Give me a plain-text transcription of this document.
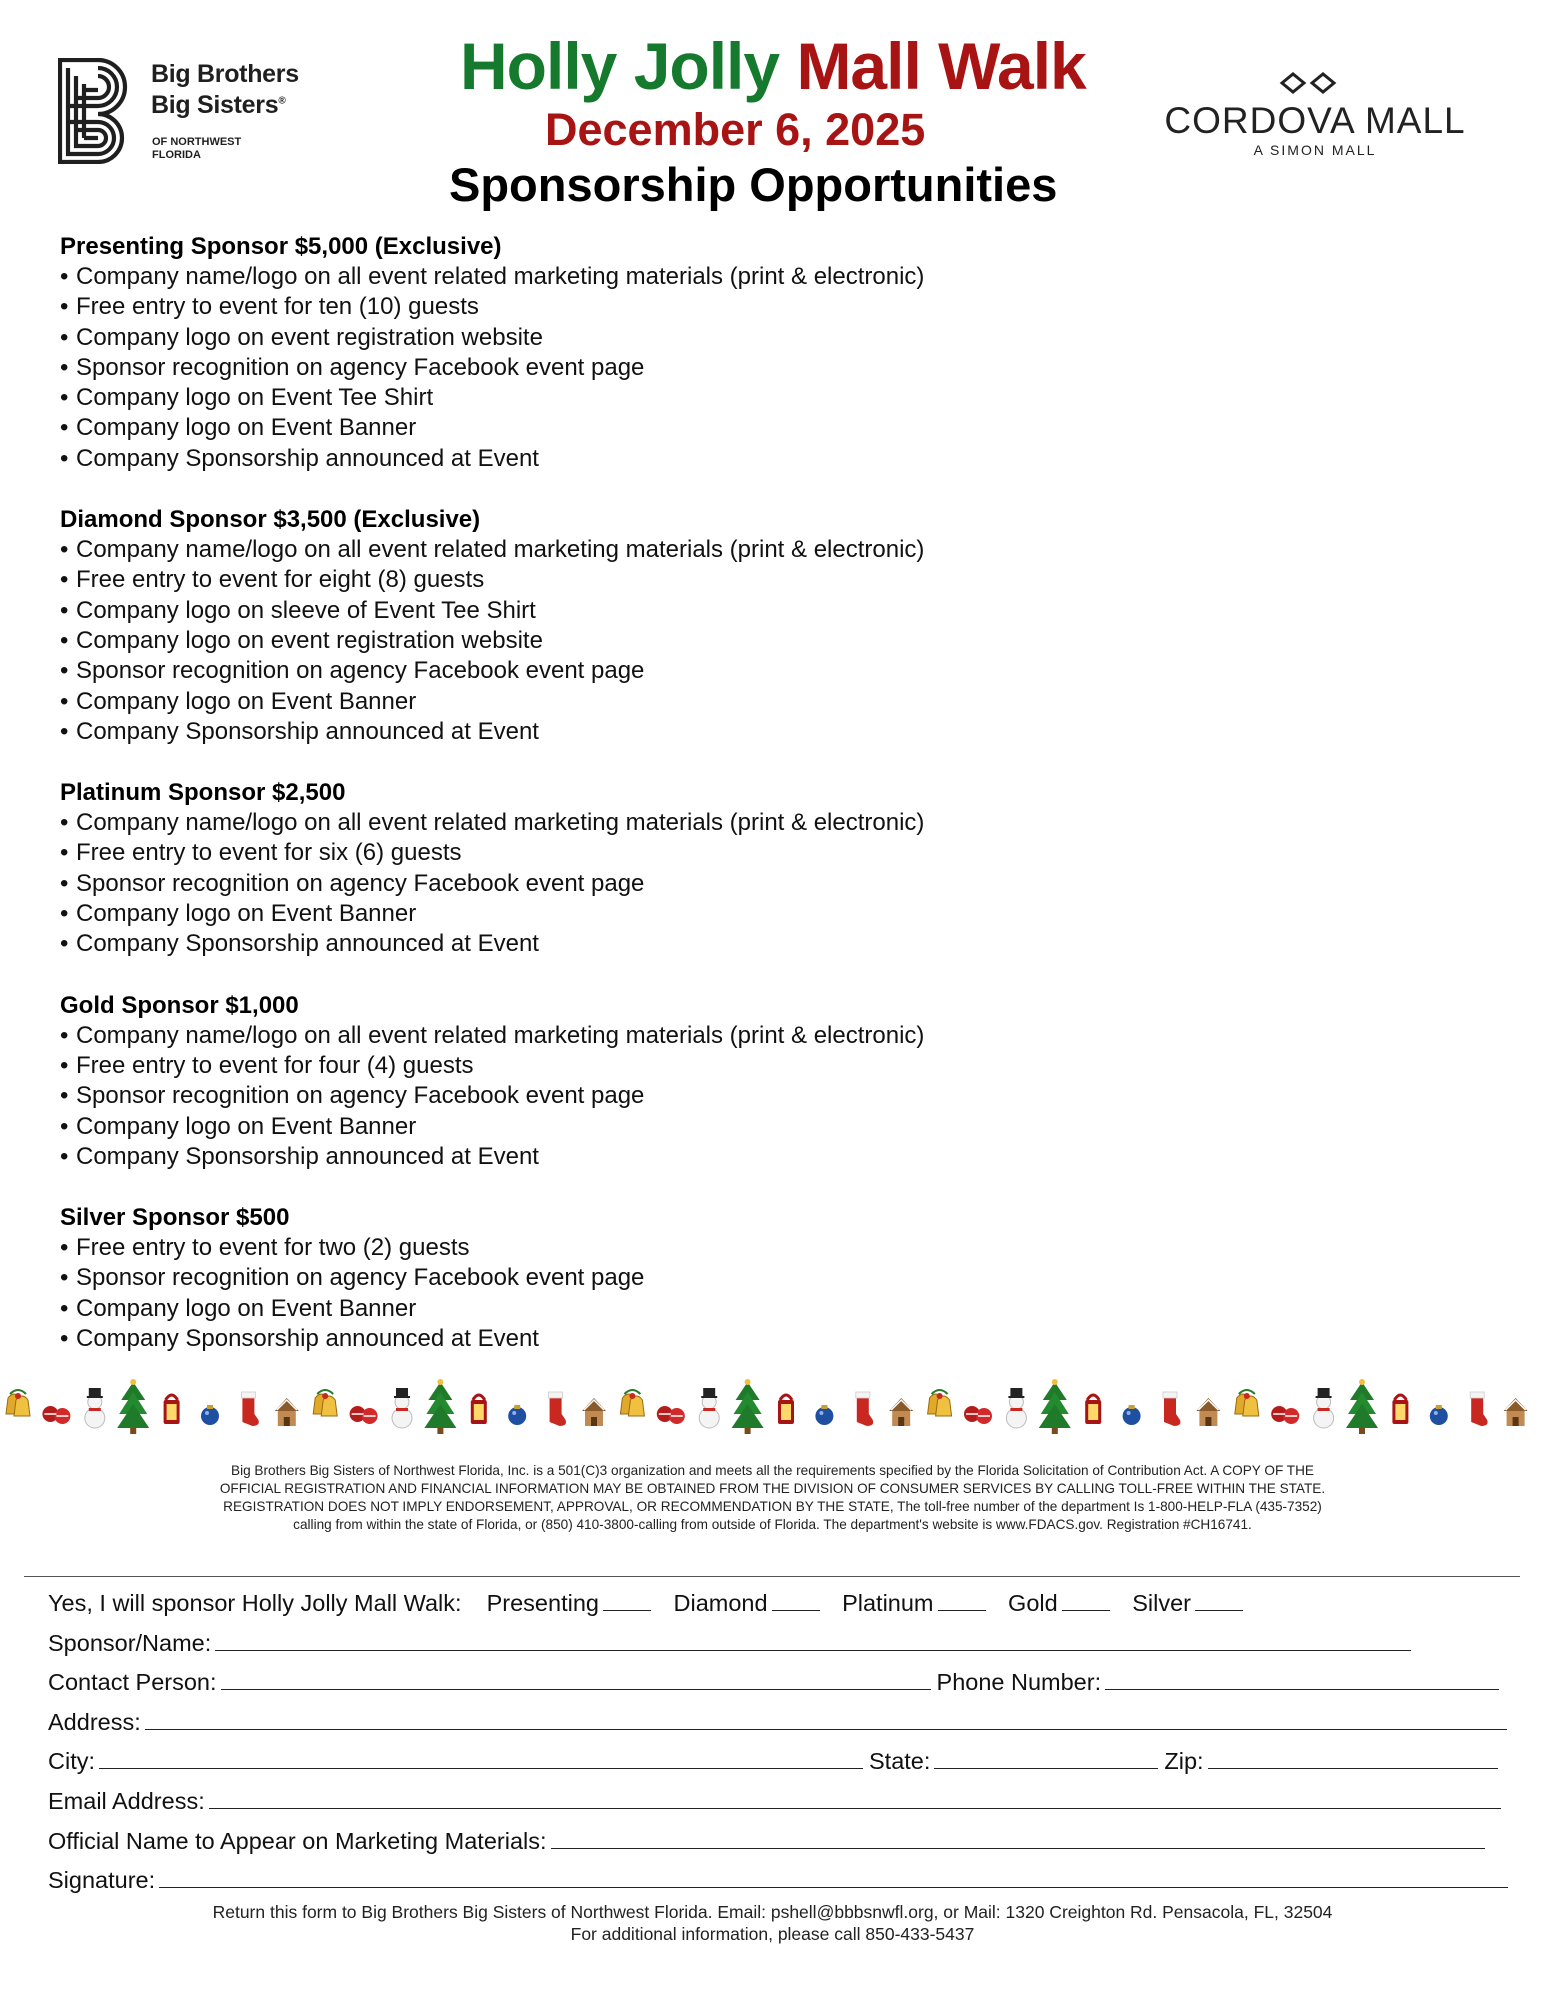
Big Brothers
Big Sisters®
OF NORTHWEST
FLORIDA
Holly Jolly Mall Walk
December 6, 2025
Sponsorship Opportunities
CORDOVA MALL
A SIMON MALL
Presenting Sponsor $5,000 (Exclusive)
• Company name/logo on all event related marketing materials (print & electronic)
• Free entry to event for ten (10) guests
• Company logo on event registration website
• Sponsor recognition on agency Facebook event page
• Company logo on Event Tee Shirt
• Company logo on Event Banner
• Company Sponsorship announced at Event
Diamond Sponsor $3,500 (Exclusive)
• Company name/logo on all event related marketing materials (print & electronic)
• Free entry to event for eight (8) guests
• Company logo on sleeve of Event Tee Shirt
• Company logo on event registration website
• Sponsor recognition on agency Facebook event page
• Company logo on Event Banner
• Company Sponsorship announced at Event
Platinum Sponsor $2,500
• Company name/logo on all event related marketing materials (print & electronic)
• Free entry to event for six (6) guests
• Sponsor recognition on agency Facebook event page
• Company logo on Event Banner
• Company Sponsorship announced at Event
Gold Sponsor $1,000
• Company name/logo on all event related marketing materials (print & electronic)
• Free entry to event for four (4) guests
• Sponsor recognition on agency Facebook event page
• Company logo on Event Banner
• Company Sponsorship announced at Event
Silver Sponsor $500
• Free entry to event for two (2) guests
• Sponsor recognition on agency Facebook event page
• Company logo on Event Banner
• Company Sponsorship announced at Event
Big Brothers Big Sisters of Northwest Florida, Inc. is a 501(C)3 organization and meets all the requirements specified by the Florida Solicitation of Contribution Act. A COPY OF THE
OFFICIAL REGISTRATION AND FINANCIAL INFORMATION MAY BE OBTAINED FROM THE DIVISION OF CONSUMER SERVICES BY CALLING TOLL-FREE WITHIN THE STATE.
REGISTRATION DOES NOT IMPLY ENDORSEMENT, APPROVAL, OR RECOMMENDATION BY THE STATE, The toll-free number of the department Is 1-800-HELP-FLA (435-7352)
calling from within the state of Florida, or (850) 410-3800-calling from outside of Florida. The department's website is www.FDACS.gov. Registration #CH16741.
Yes, I will sponsor Holly Jolly Mall Walk: Presenting	Diamond	Platinum	Gold	Silver
Sponsor/Name:
Contact Person:	Phone Number:
Address:
City:	State:	Zip:
Email Address:
Official Name to Appear on Marketing Materials:
Signature:
Return this form to Big Brothers Big Sisters of Northwest Florida. Email: pshell@bbbsnwfl.org, or Mail: 1320 Creighton Rd. Pensacola, FL, 32504
For additional information, please call 850-433-5437
